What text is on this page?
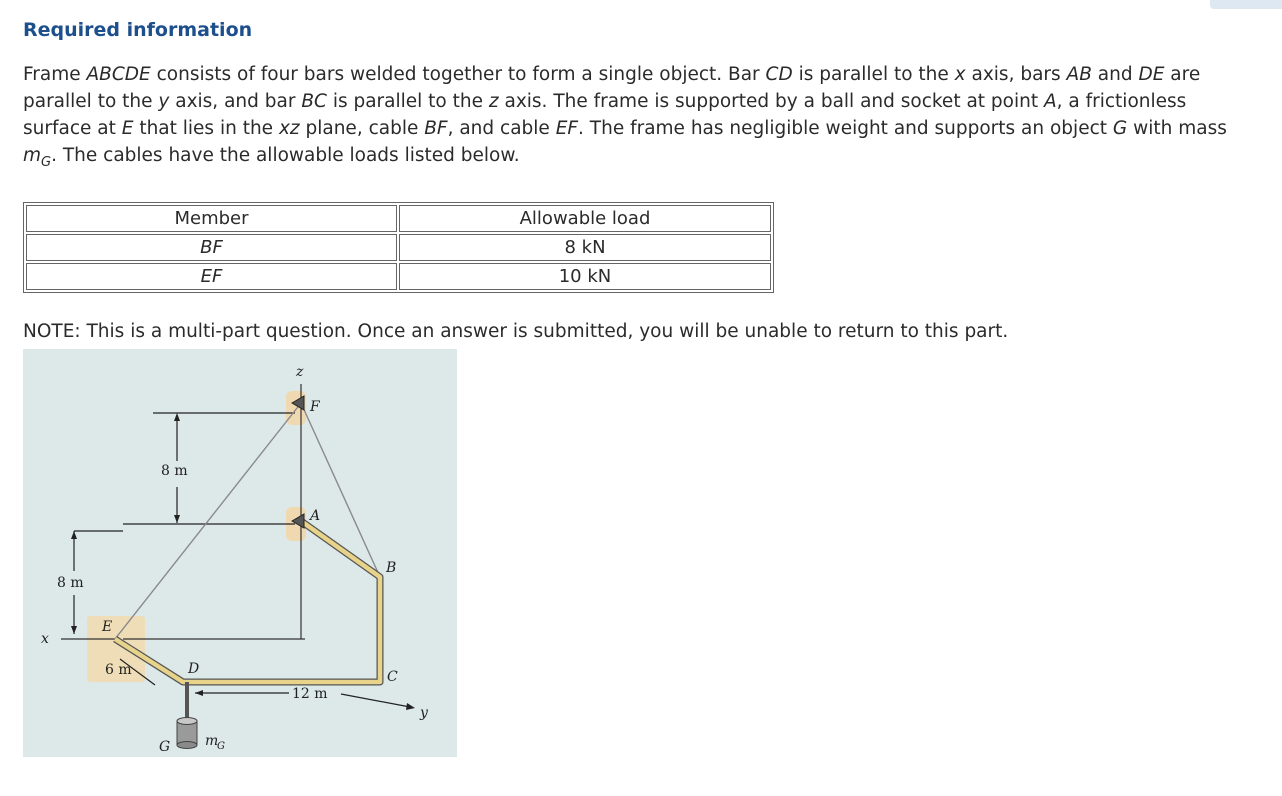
Required information
Frame ABCDE consists of four bars welded together to form a single object. Bar CD is parallel to the x axis, bars AB and DE are parallel to the y axis, and bar BC is parallel to the z axis. The frame is supported by a ball and socket at point A, a frictionless surface at E that lies in the xz plane, cable BF, and cable EF. The frame has negligible weight and supports an object G with mass $m_G$. The cables have the allowable loads listed below.
Member	Allowable load
BF	8 kN
EF	10 kN
NOTE: This is a multi-part question. Once an answer is submitted, you will be unable to return to this part.
z
F
A
B
C
D
E
G
x
y
m
G
8 m
8 m
6 m
12 m
